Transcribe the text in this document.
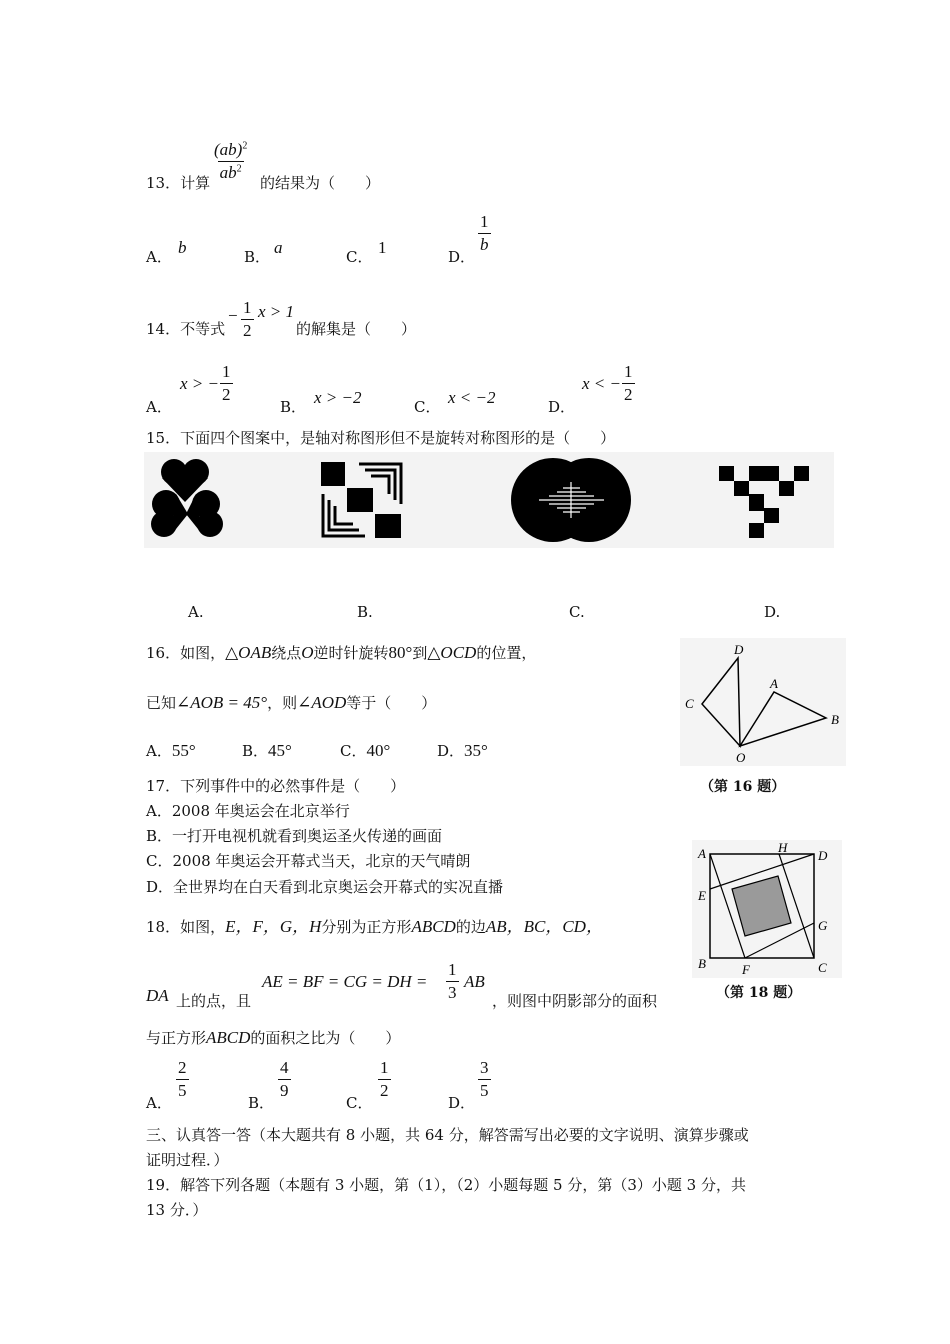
13．计算
$\frac{(ab)^2}{ab^2}$
的结果为（　　）
A． b	B． a	C． 1	D．
$\frac{1}{b}$
14．不等式
− $\frac{1}{2}$ x > 1
的解集是（　　）
A．
x > − $\frac{1}{2}$
B． x > −2	C． x < −2	D．
x < − $\frac{1}{2}$
15．下面四个图案中，是轴对称图形但不是旋转对称图形的是（　　）
A.	B.	C.	D.
16．如图，△OAB绕点O逆时针旋转80°到△OCD的位置，
已知∠AOB = 45°，则∠AOD等于（　　）
A．55°	B．45°	C．40°	D．35°
D
A
C
B
O
（第 16 题）
17．下列事件中的必然事件是（　　）
A．2008 年奥运会在北京举行
B．一打开电视机就看到奥运圣火传递的画面
C．2008 年奥运会开幕式当天，北京的天气晴朗
D．全世界均在白天看到北京奥运会开幕式的实况直播
A	H
D
E
G
B	F	C
（第 18 题）
18．如图，E，F，G，H分别为正方形ABCD的边AB，BC，CD，
DA 上的点，且
AE = BF = CG = DH = $\frac{1}{3}$ AB
，则图中阴影部分的面积
与正方形ABCD的面积之比为（　　）
A．
$\frac{2}{5}$
B．
$\frac{4}{9}$
C．
$\frac{1}{2}$
D．
$\frac{3}{5}$
三、认真答一答（本大题共有 8 小题，共 64 分，解答需写出必要的文字说明、演算步骤或
证明过程．）
19．解答下列各题（本题有 3 小题，第（1），（2）小题每题 5 分，第（3）小题 3 分，共
13 分．）
